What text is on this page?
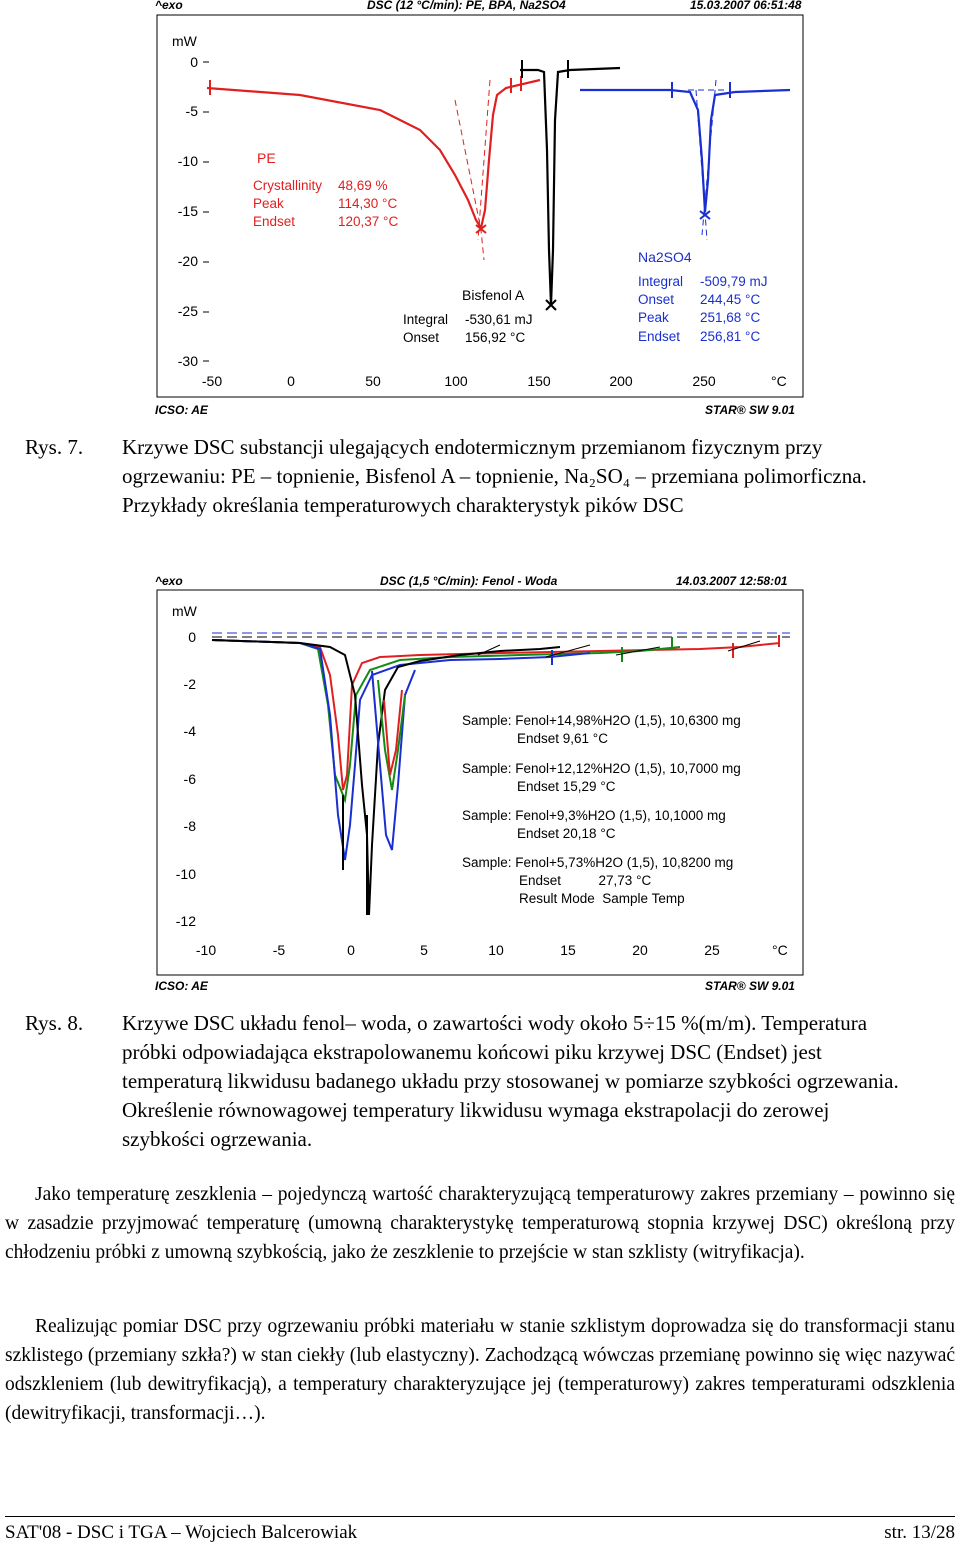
^exo	DSC (12 °C/min): PE, BPA, Na2SO4	15.03.2007 06:51:48
mW
0
-5
-10
-15
-20
-25
-30
-50	0	50	100	150	200	250	°C
PE
Crystallinity 48,69 %
Peak	114,30 °C
Endset	120,37 °C
Bisfenol A
Integral -530,61 mJ
Onset 156,92 °C
Na2SO4
Integral -509,79 mJ
Onset 244,45 °C
Peak 251,68 °C
Endset 256,81 °C
ICSO: AE	STAR® SW 9.01
Rys. 7. Krzywe DSC substancji ulegających endotermicznym przemianom fizycznym przy ogrzewaniu: PE – topnienie, Bisfenol A – topnienie, Na₂SO₄ – przemiana polimorficzna. Przykłady określania temperaturowych charakterystyk pików DSC
^exo	DSC (1,5 °C/min): Fenol - Woda	14.03.2007 12:58:01
mW
0
-2
-4
-6
-8
-10
-12
-10	-5	0	5	10	15	20	25	°C
Sample: Fenol+14,98%H2O (1,5), 10,6300 mg
Endset 9,61 °C
Sample: Fenol+12,12%H2O (1,5), 10,7000 mg
Endset 15,29 °C
Sample: Fenol+9,3%H2O (1,5), 10,1000 mg
Endset 20,18 °C
Sample: Fenol+5,73%H2O (1,5), 10,8200 mg
Endset          27,73 °C
Result Mode  Sample Temp
ICSO: AE	STAR® SW 9.01
Rys. 8. Krzywe DSC układu fenol– woda, o zawartości wody około 5÷15 %(m/m). Temperatura próbki odpowiadająca ekstrapolowanemu końcowi piku krzywej DSC (Endset) jest temperaturą likwidusu badanego układu przy stosowanej w pomiarze szybkości ogrzewania. Określenie równowagowej temperatury likwidusu wymaga ekstrapolacji do zerowej szybkości ogrzewania.

Jako temperaturę zeszklenia – pojedynczą wartość charakteryzującą temperaturowy zakres przemiany – powinno się w zasadzie przyjmować temperaturę (umowną charakterystykę temperaturową stopnia krzywej DSC) określoną przy chłodzeniu próbki z umowną szybkością, jako że zeszklenie to przejście w stan szklisty (witryfikacja).

Realizując pomiar DSC przy ogrzewaniu próbki materiału w stanie szklistym doprowadza się do transformacji stanu szklistego (przemiany szkła?) w stan ciekły (lub elastyczny). Zachodzącą wówczas przemianę powinno się więc nazywać odszkleniem (lub dewitryfikacją), a temperatury charakteryzujące jej (temperaturowy) zakres temperaturami odszklenia (dewitryfikacji, transformacji…).

SAT'08 - DSC i TGA – Wojciech Balcerowiak	str. 13/28
